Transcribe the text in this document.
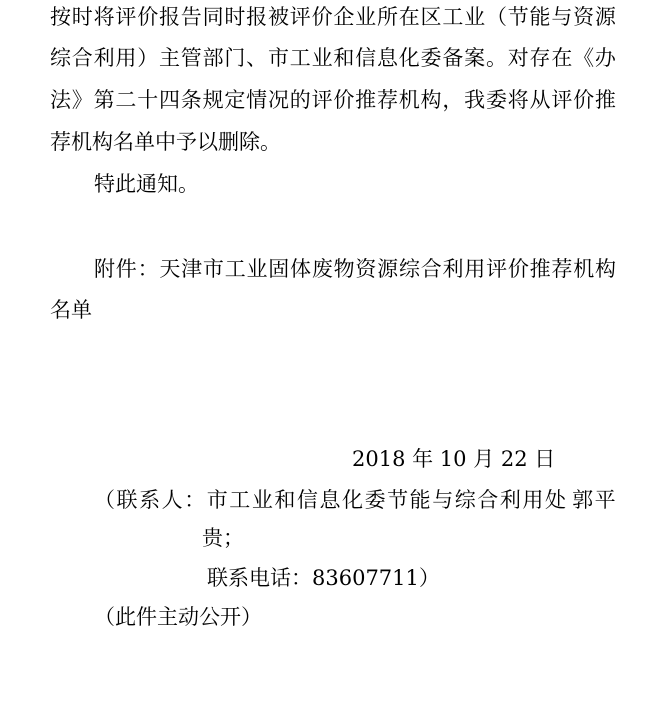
按 时 将 评 价 报 告 同 时 报 被 评 价 企 业 所 在 区 工 业 （ 节 能 与 资 源
综 合 利 用 ） 主 管 部 门 、 市 工 业 和 信 息 化 委 备 案 。 对 存 在 《 办
法 》 第 二 十 四 条 规 定 情 况 的 评 价 推 荐 机 构 ， 我 委 将 从 评 价 推
荐机构名单中予以删除。
特此通知。
附 件 ： 天 津 市 工 业 固 体 废 物 资 源 综 合 利 用 评 价 推 荐 机 构
名单
2018 年 10 月 22 日
（ 联 系 人 ： 市 工 业 和 信 息 化 委 节 能 与 综 合 利 用 处 郭 平
贵；
联系电话：83607711）
（此件主动公开）
